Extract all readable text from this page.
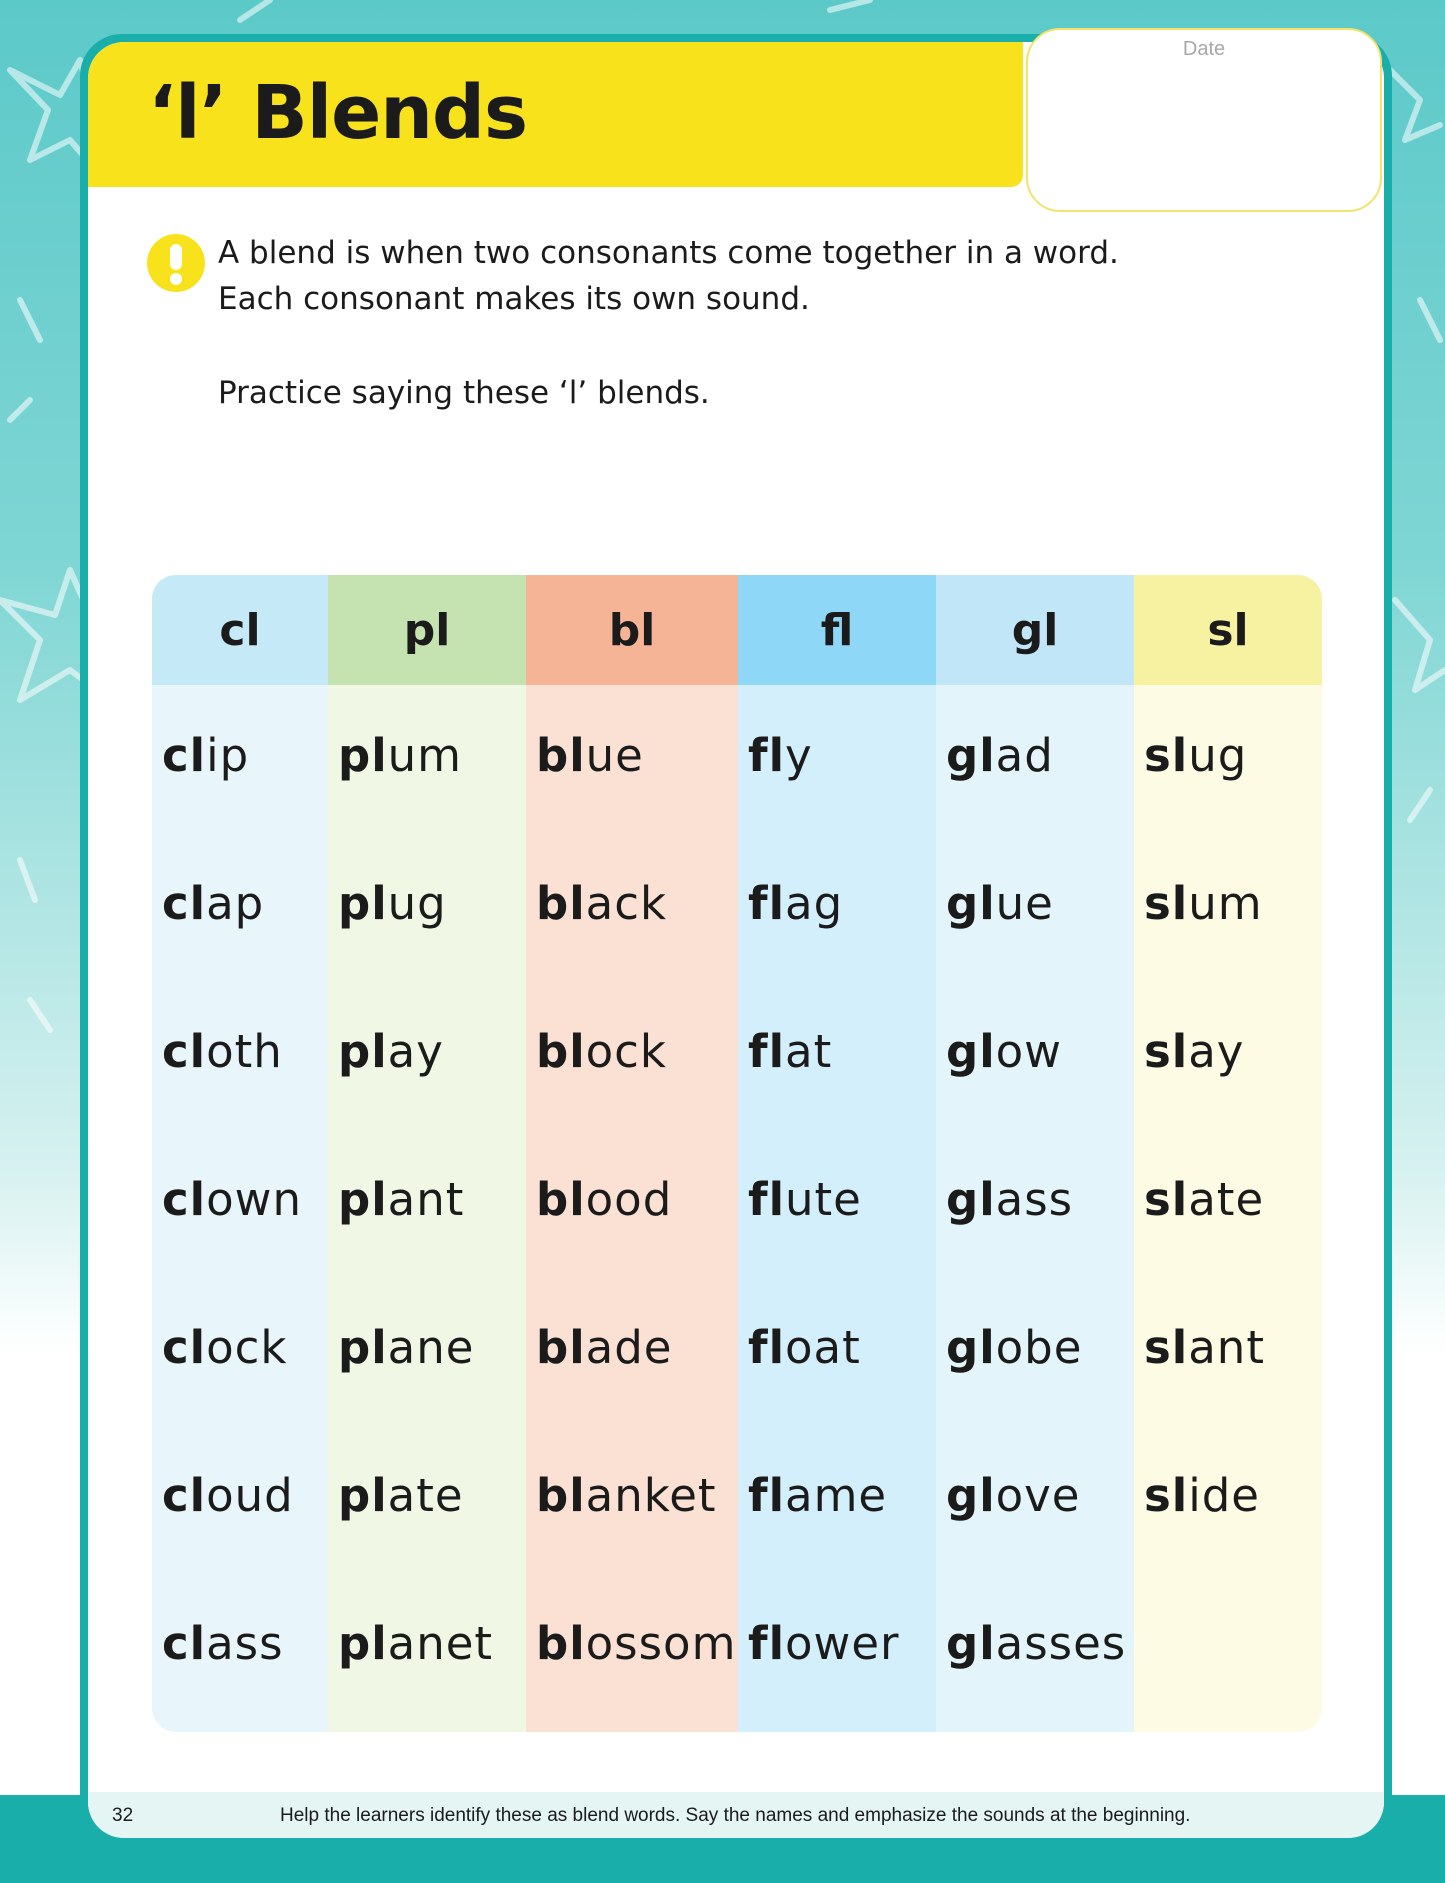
‘l’ Blends
Date

A blend is when two consonants come together in a word.

Each consonant makes its own sound.

Practice saying these ‘l’ blends.

cl
clip
clap
cloth
clown
clock
cloud
class
pl
plum
plug
play
plant
plane
plate
planet
bl
blue
black
block
blood
blade
blanket
blossom
fl
fly
flag
flat
flute
float
flame
flower
gl
glad
glue
glow
glass
globe
glove
glasses
sl
slug
slum
slay
slate
slant
slide
32	Help the learners identify these as blend words. Say the names and emphasize the sounds at the beginning.
